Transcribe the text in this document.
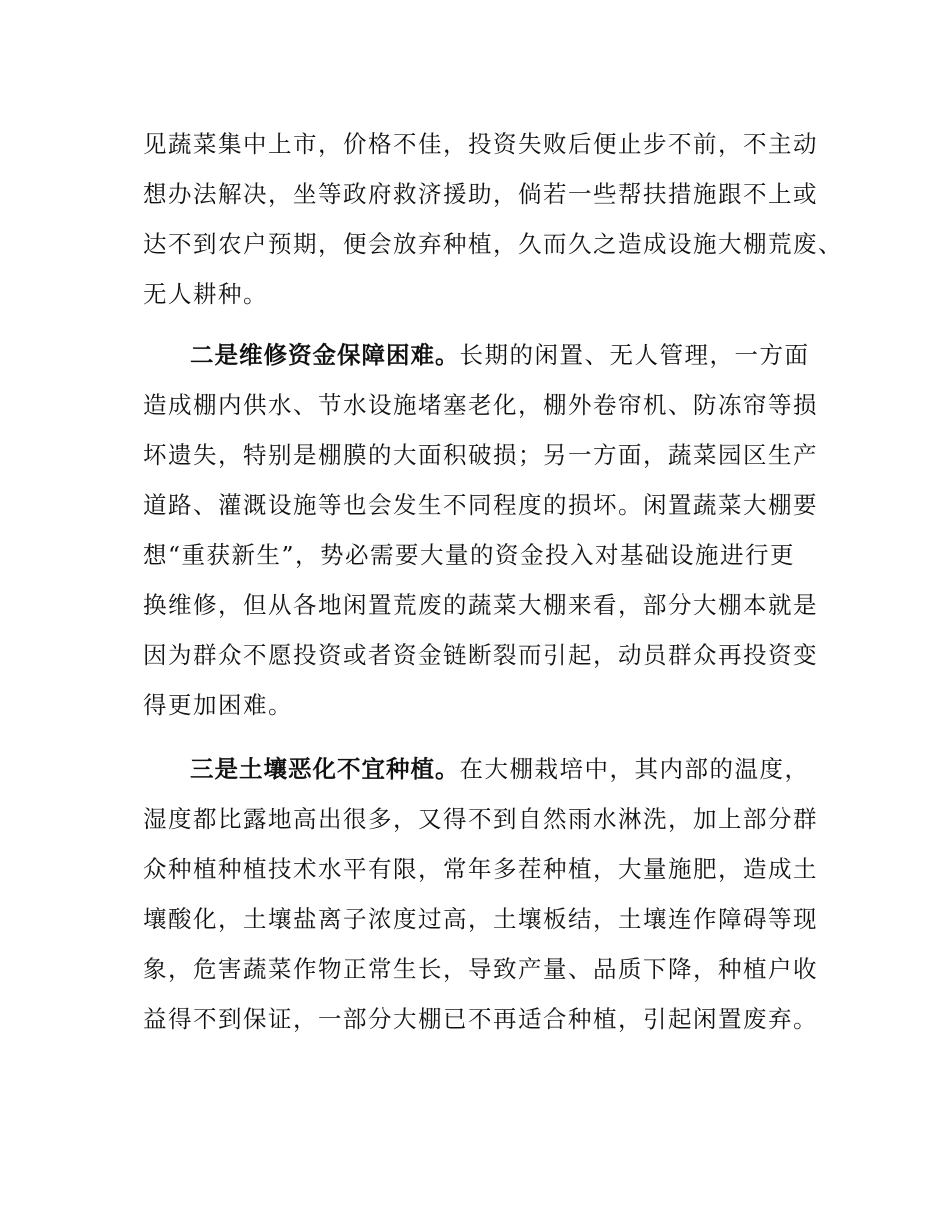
见蔬菜集中上市，价格不佳，投资失败后便止步不前，不主动
想办法解决，坐等政府救济援助，倘若一些帮扶措施跟不上或
达不到农户预期，便会放弃种植，久而久之造成设施大棚荒废、
无人耕种。
二是维修资金保障困难。长期的闲置、无人管理，一方面
造成棚内供水、节水设施堵塞老化，棚外卷帘机、防冻帘等损
坏遗失，特别是棚膜的大面积破损；另一方面，蔬菜园区生产
道路、灌溉设施等也会发生不同程度的损坏。闲置蔬菜大棚要
想“重获新生”，势必需要大量的资金投入对基础设施进行更
换维修，但从各地闲置荒废的蔬菜大棚来看，部分大棚本就是
因为群众不愿投资或者资金链断裂而引起，动员群众再投资变
得更加困难。
三是土壤恶化不宜种植。在大棚栽培中，其内部的温度，
湿度都比露地高出很多，又得不到自然雨水淋洗，加上部分群
众种植种植技术水平有限，常年多茬种植，大量施肥，造成土
壤酸化，土壤盐离子浓度过高，土壤板结，土壤连作障碍等现
象，危害蔬菜作物正常生长，导致产量、品质下降，种植户收
益得不到保证，一部分大棚已不再适合种植，引起闲置废弃。
